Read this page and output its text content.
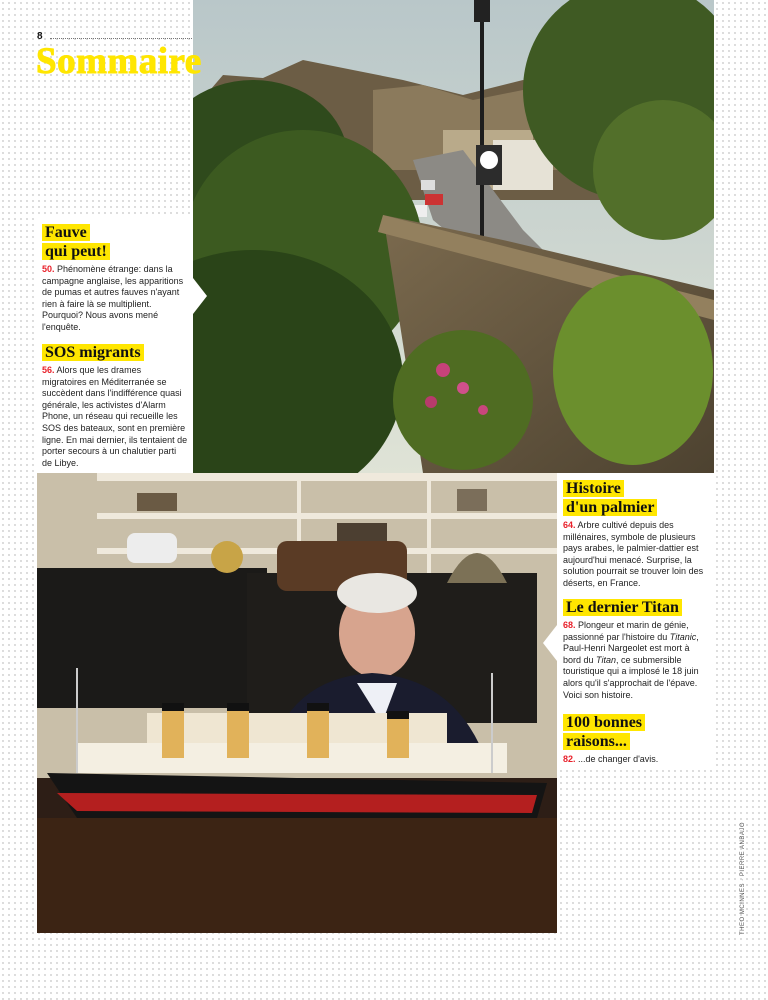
8
Sommaire
Fauve
qui peut!

50. Phénomène étrange: dans la campagne anglaise, les apparitions de pumas et autres fauves n'ayant rien à faire là se multiplient. Pourquoi? Nous avons mené l'enquête.

SOS migrants

56. Alors que les drames migratoires en Méditerranée se succèdent dans l'indifférence quasi générale, les activistes d'Alarm Phone, un réseau qui recueille les SOS des bateaux, sont en première ligne. En mai dernier, ils tentaient de porter secours à un chalutier parti de Libye.

Histoire
d'un palmier

64. Arbre cultivé depuis des millénaires, symbole de plusieurs pays arabes, le palmier-dattier est aujourd'hui menacé. Surprise, la solution pourrait se trouver loin des déserts, en France.

Le dernier Titan

68. Plongeur et marin de génie, passionné par l'histoire du Titanic, Paul-Henri Nargeolet est mort à bord du Titan, ce submersible touristique qui a implosé le 18 juin alors qu'il s'approchait de l'épave. Voici son histoire.

100 bonnes
raisons...

82. ...de changer d'avis.

THEO MCINNES · PIERRE ANBAJO
